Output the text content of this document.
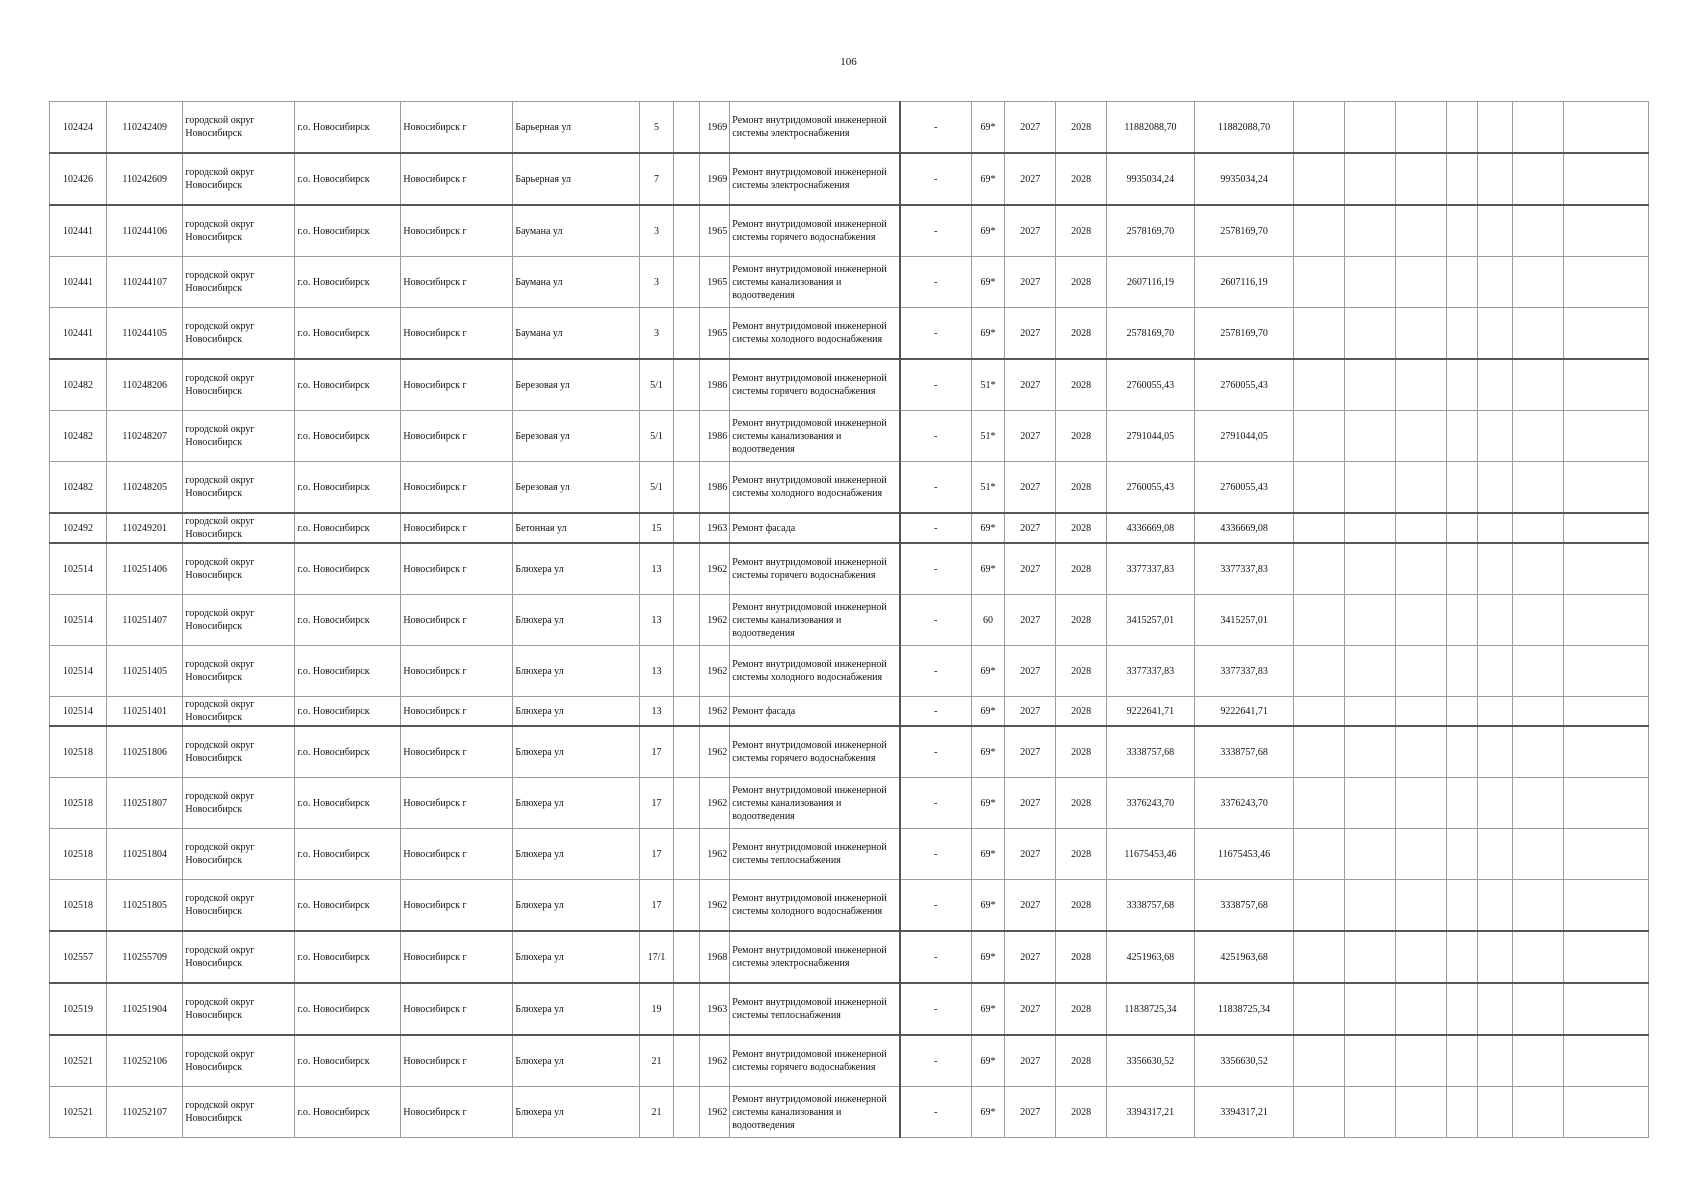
106
102424	110242409	городской округ Новосибирск	г.о. Новосибирск	Новосибирск г	Барьерная ул	5		1969	Ремонт внутридомовой инженерной системы электроснабжения	-	69*	2027	2028	11882088,70	11882088,70							
102426	110242609	городской округ Новосибирск	г.о. Новосибирск	Новосибирск г	Барьерная ул	7		1969	Ремонт внутридомовой инженерной системы электроснабжения	-	69*	2027	2028	9935034,24	9935034,24							
102441	110244106	городской округ Новосибирск	г.о. Новосибирск	Новосибирск г	Баумана ул	3		1965	Ремонт внутридомовой инженерной системы горячего водоснабжения	-	69*	2027	2028	2578169,70	2578169,70							
102441	110244107	городской округ Новосибирск	г.о. Новосибирск	Новосибирск г	Баумана ул	3		1965	Ремонт внутридомовой инженерной системы канализования и водоотведения	-	69*	2027	2028	2607116,19	2607116,19							
102441	110244105	городской округ Новосибирск	г.о. Новосибирск	Новосибирск г	Баумана ул	3		1965	Ремонт внутридомовой инженерной системы холодного водоснабжения	-	69*	2027	2028	2578169,70	2578169,70							
102482	110248206	городской округ Новосибирск	г.о. Новосибирск	Новосибирск г	Березовая ул	5/1		1986	Ремонт внутридомовой инженерной системы горячего водоснабжения	-	51*	2027	2028	2760055,43	2760055,43							
102482	110248207	городской округ Новосибирск	г.о. Новосибирск	Новосибирск г	Березовая ул	5/1		1986	Ремонт внутридомовой инженерной системы канализования и водоотведения	-	51*	2027	2028	2791044,05	2791044,05							
102482	110248205	городской округ Новосибирск	г.о. Новосибирск	Новосибирск г	Березовая ул	5/1		1986	Ремонт внутридомовой инженерной системы холодного водоснабжения	-	51*	2027	2028	2760055,43	2760055,43							
102492	110249201	городской округ Новосибирск	г.о. Новосибирск	Новосибирск г	Бетонная ул	15		1963	Ремонт фасада	-	69*	2027	2028	4336669,08	4336669,08							
102514	110251406	городской округ Новосибирск	г.о. Новосибирск	Новосибирск г	Блюхера ул	13		1962	Ремонт внутридомовой инженерной системы горячего водоснабжения	-	69*	2027	2028	3377337,83	3377337,83							
102514	110251407	городской округ Новосибирск	г.о. Новосибирск	Новосибирск г	Блюхера ул	13		1962	Ремонт внутридомовой инженерной системы канализования и водоотведения	-	60	2027	2028	3415257,01	3415257,01							
102514	110251405	городской округ Новосибирск	г.о. Новосибирск	Новосибирск г	Блюхера ул	13		1962	Ремонт внутридомовой инженерной системы холодного водоснабжения	-	69*	2027	2028	3377337,83	3377337,83							
102514	110251401	городской округ Новосибирск	г.о. Новосибирск	Новосибирск г	Блюхера ул	13		1962	Ремонт фасада	-	69*	2027	2028	9222641,71	9222641,71							
102518	110251806	городской округ Новосибирск	г.о. Новосибирск	Новосибирск г	Блюхера ул	17		1962	Ремонт внутридомовой инженерной системы горячего водоснабжения	-	69*	2027	2028	3338757,68	3338757,68							
102518	110251807	городской округ Новосибирск	г.о. Новосибирск	Новосибирск г	Блюхера ул	17		1962	Ремонт внутридомовой инженерной системы канализования и водоотведения	-	69*	2027	2028	3376243,70	3376243,70							
102518	110251804	городской округ Новосибирск	г.о. Новосибирск	Новосибирск г	Блюхера ул	17		1962	Ремонт внутридомовой инженерной системы теплоснабжения	-	69*	2027	2028	11675453,46	11675453,46							
102518	110251805	городской округ Новосибирск	г.о. Новосибирск	Новосибирск г	Блюхера ул	17		1962	Ремонт внутридомовой инженерной системы холодного водоснабжения	-	69*	2027	2028	3338757,68	3338757,68							
102557	110255709	городской округ Новосибирск	г.о. Новосибирск	Новосибирск г	Блюхера ул	17/1		1968	Ремонт внутридомовой инженерной системы электроснабжения	-	69*	2027	2028	4251963,68	4251963,68							
102519	110251904	городской округ Новосибирск	г.о. Новосибирск	Новосибирск г	Блюхера ул	19		1963	Ремонт внутридомовой инженерной системы теплоснабжения	-	69*	2027	2028	11838725,34	11838725,34							
102521	110252106	городской округ Новосибирск	г.о. Новосибирск	Новосибирск г	Блюхера ул	21		1962	Ремонт внутридомовой инженерной системы горячего водоснабжения	-	69*	2027	2028	3356630,52	3356630,52							
102521	110252107	городской округ Новосибирск	г.о. Новосибирск	Новосибирск г	Блюхера ул	21		1962	Ремонт внутридомовой инженерной системы канализования и водоотведения	-	69*	2027	2028	3394317,21	3394317,21							
